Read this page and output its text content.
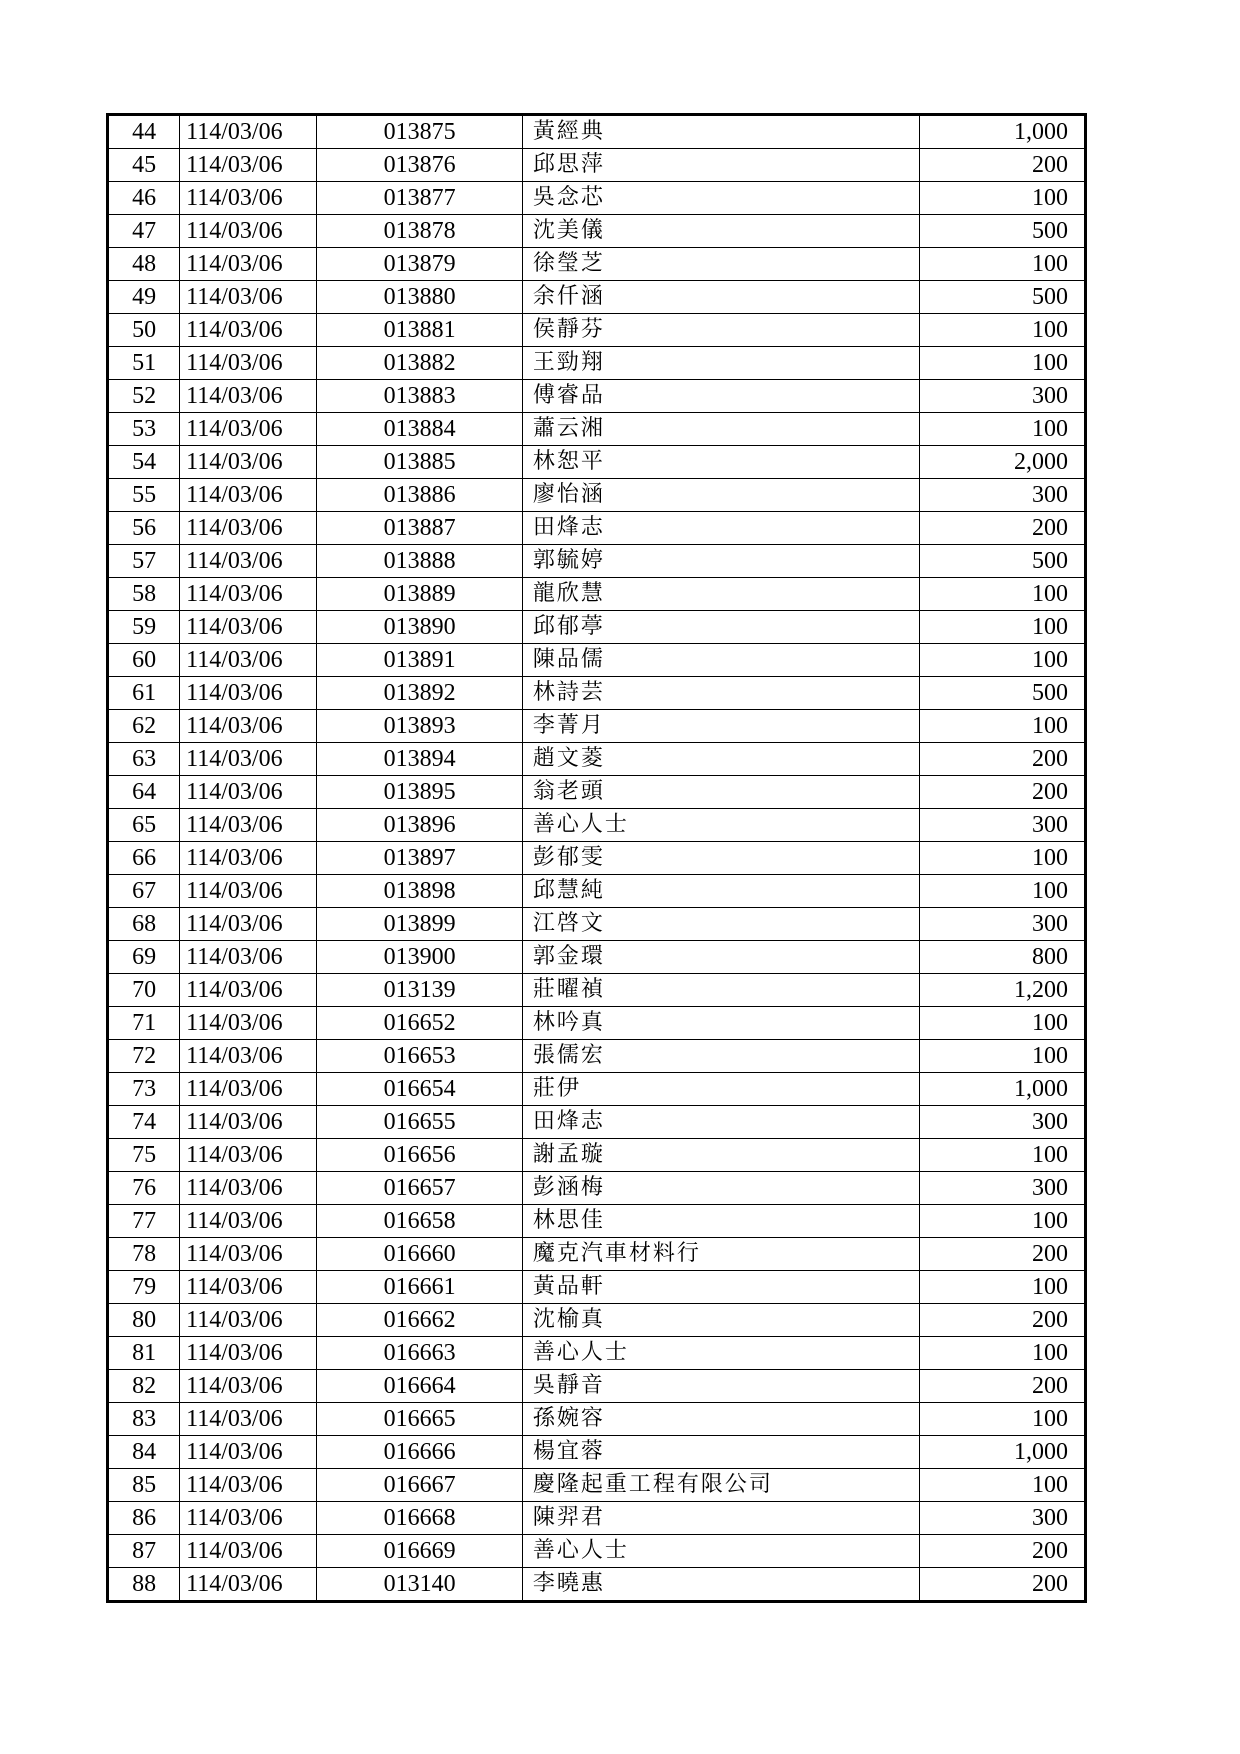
44	114/03/06	013875	黃經典	1,000
45	114/03/06	013876	邱思萍	200
46	114/03/06	013877	吳念芯	100
47	114/03/06	013878	沈美儀	500
48	114/03/06	013879	徐瑩芝	100
49	114/03/06	013880	余仟涵	500
50	114/03/06	013881	侯靜芬	100
51	114/03/06	013882	王勁翔	100
52	114/03/06	013883	傅睿品	300
53	114/03/06	013884	蕭云湘	100
54	114/03/06	013885	林恕平	2,000
55	114/03/06	013886	廖怡涵	300
56	114/03/06	013887	田烽志	200
57	114/03/06	013888	郭毓婷	500
58	114/03/06	013889	龍欣慧	100
59	114/03/06	013890	邱郁葶	100
60	114/03/06	013891	陳品儒	100
61	114/03/06	013892	林詩芸	500
62	114/03/06	013893	李菁月	100
63	114/03/06	013894	趙文菱	200
64	114/03/06	013895	翁老頭	200
65	114/03/06	013896	善心人士	300
66	114/03/06	013897	彭郁雯	100
67	114/03/06	013898	邱慧純	100
68	114/03/06	013899	江啓文	300
69	114/03/06	013900	郭金環	800
70	114/03/06	013139	莊曜禎	1,200
71	114/03/06	016652	林吟真	100
72	114/03/06	016653	張儒宏	100
73	114/03/06	016654	莊伊	1,000
74	114/03/06	016655	田烽志	300
75	114/03/06	016656	謝孟璇	100
76	114/03/06	016657	彭涵梅	300
77	114/03/06	016658	林思佳	100
78	114/03/06	016660	魔克汽車材料行	200
79	114/03/06	016661	黃品軒	100
80	114/03/06	016662	沈榆真	200
81	114/03/06	016663	善心人士	100
82	114/03/06	016664	吳靜音	200
83	114/03/06	016665	孫婉容	100
84	114/03/06	016666	楊宜蓉	1,000
85	114/03/06	016667	慶隆起重工程有限公司	100
86	114/03/06	016668	陳羿君	300
87	114/03/06	016669	善心人士	200
88	114/03/06	013140	李曉惠	200
